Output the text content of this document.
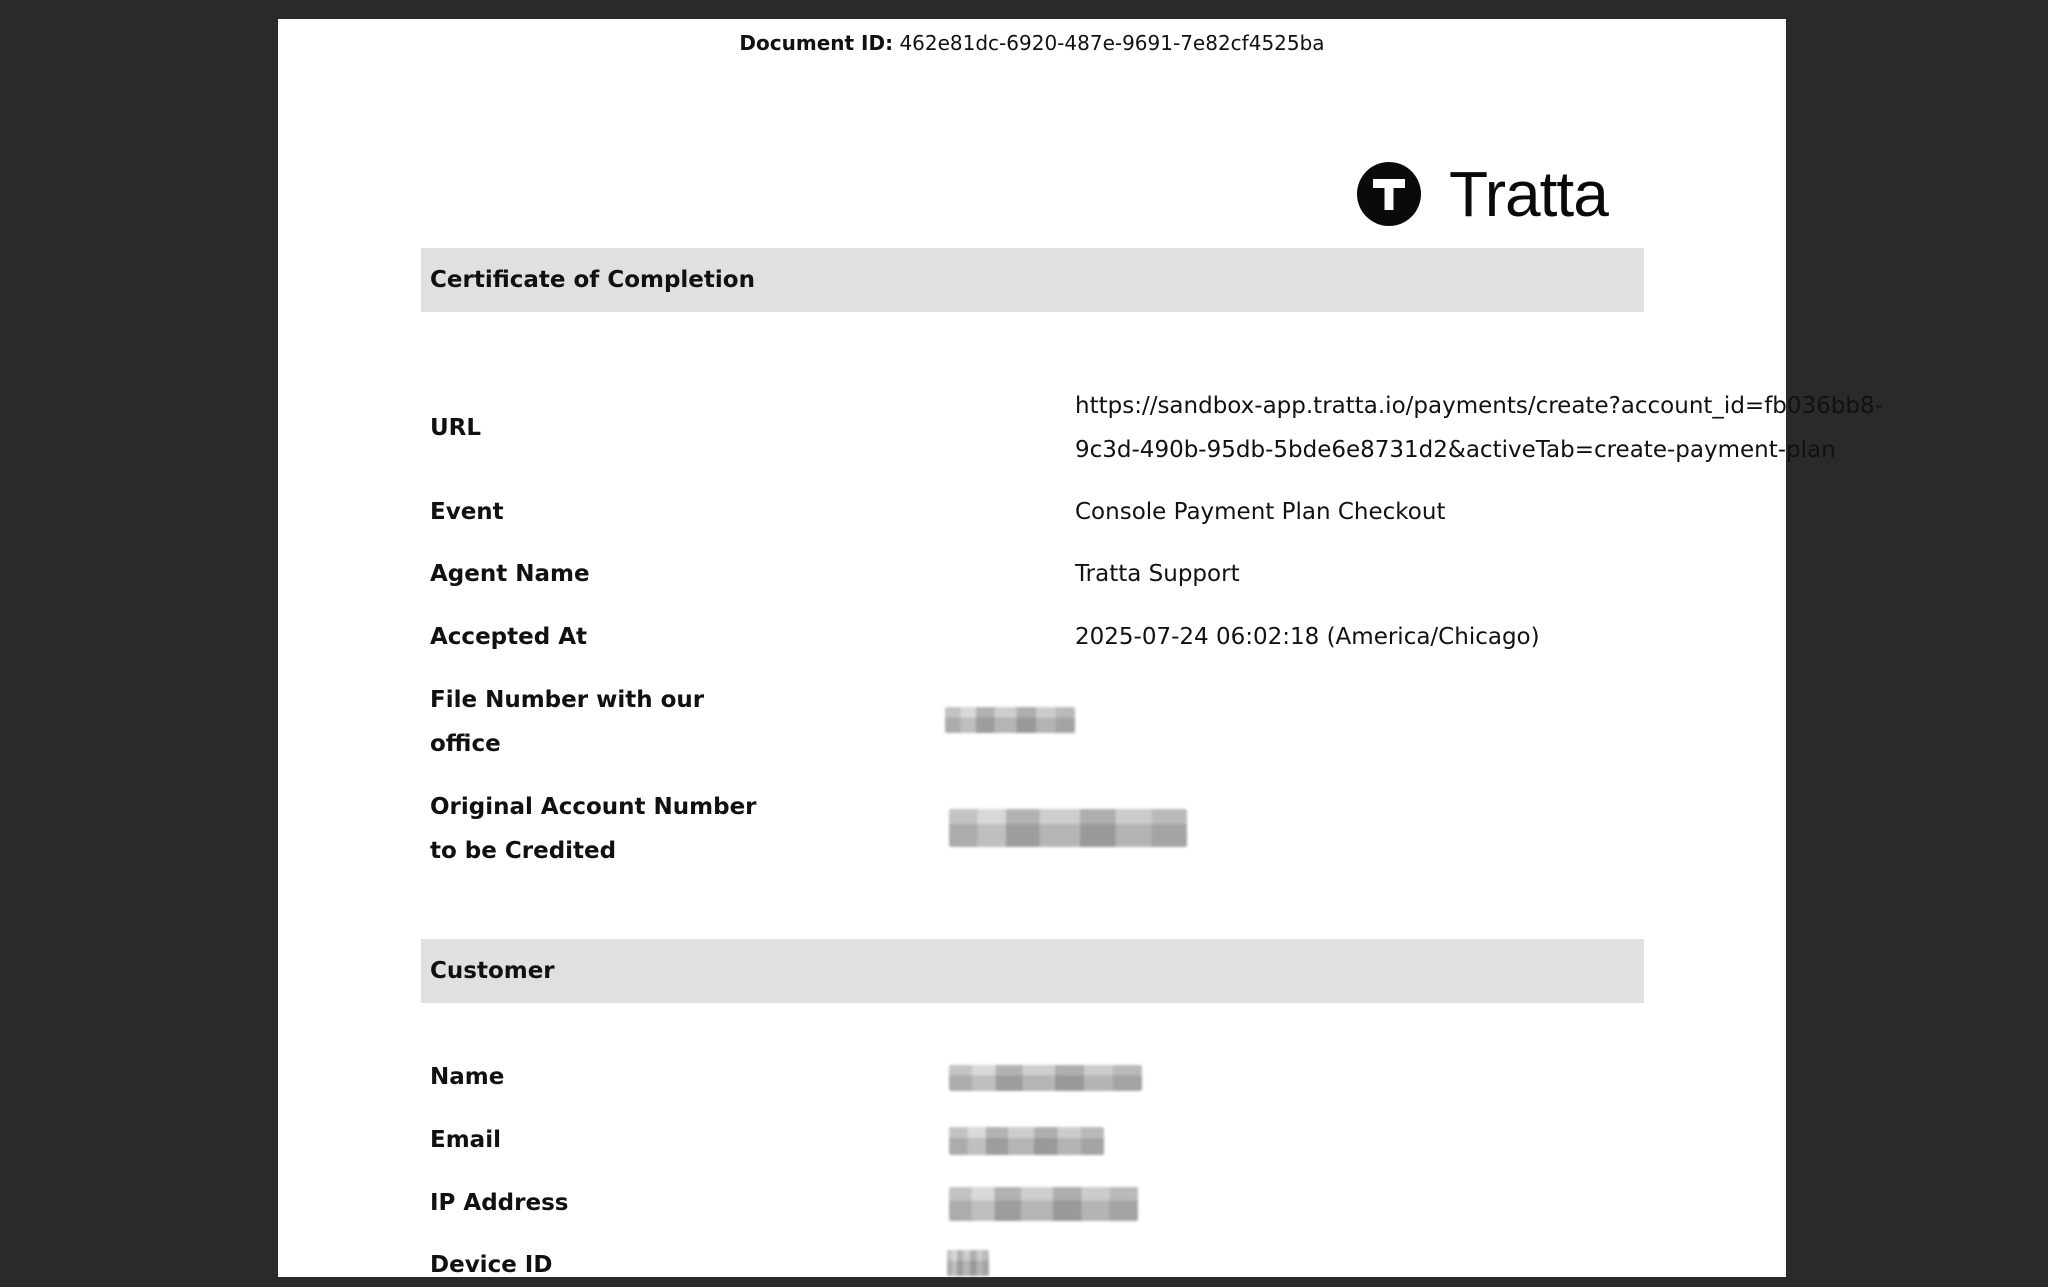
Document ID: 462e81dc-6920-487e-9691-7e82cf4525ba
Tratta
Certificate of Completion
URL
https://sandbox-app.tratta.io/payments/create?account_id=fb036bb8-
9c3d-490b-95db-5bde6e8731d2&activeTab=create-payment-plan
Event	Console Payment Plan Checkout
Agent Name	Tratta Support
Accepted At	2025-07-24 06:02:18 (America/Chicago)
File Number with our
office
Original Account Number
to be Credited
Customer
Name
Email
IP Address
Device ID
